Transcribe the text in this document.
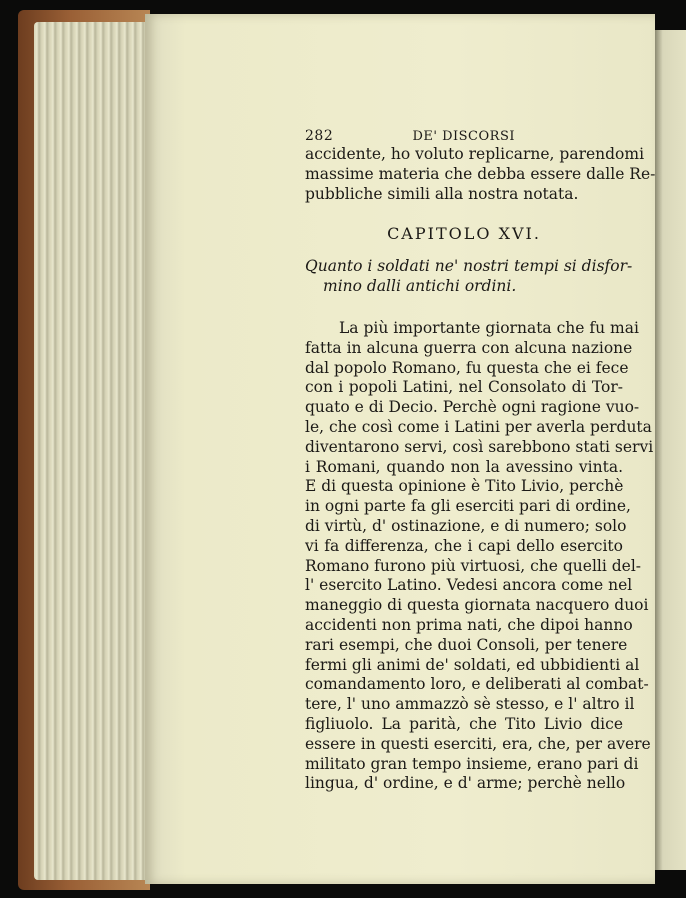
282	DE' DISCORSI
accidente, ho voluto replicarne, parendomi
massime materia che debba essere dalle Re-
pubbliche simili alla nostra notata.
CAPITOLO XVI.
Quanto i soldati ne' nostri tempi si disfor-
mino dalli antichi ordini.
La più importante giornata che fu mai
fatta in alcuna guerra con alcuna nazione
dal popolo Romano, fu questa che ei fece
con i popoli Latini, nel Consolato di Tor-
quato e di Decio. Perchè ogni ragione vuo-
le, che così come i Latini per averla perduta
diventarono servi, così sarebbono stati servi
i Romani, quando non la avessino vinta.
E di questa opinione è Tito Livio, perchè
in ogni parte fa gli eserciti pari di ordine,
di virtù, d' ostinazione, e di numero; solo
vi fa differenza, che i capi dello esercito
Romano furono più virtuosi, che quelli del-
l' esercito Latino. Vedesi ancora come nel
maneggio di questa giornata nacquero duoi
accidenti non prima nati, che dipoi hanno
rari esempi, che duoi Consoli, per tenere
fermi gli animi de' soldati, ed ubbidienti al
comandamento loro, e deliberati al combat-
tere, l' uno ammazzò sè stesso, e l' altro il
figliuolo. La parità, che Tito Livio dice
essere in questi eserciti, era, che, per avere
militato gran tempo insieme, erano pari di
lingua, d' ordine, e d' arme; perchè nello
